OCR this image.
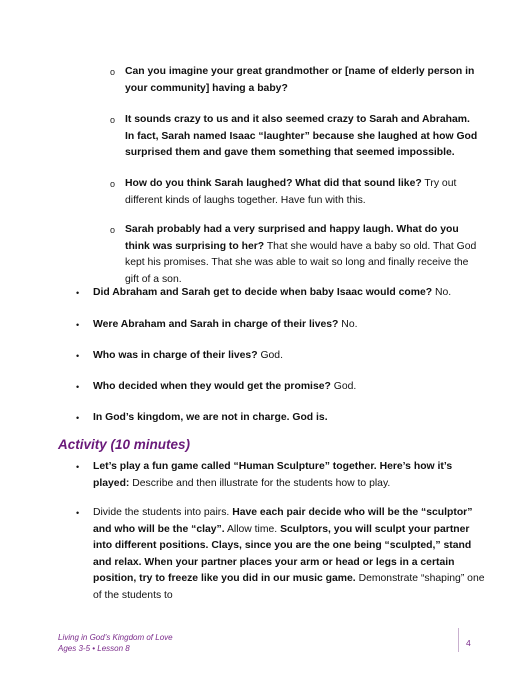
o Can you imagine your great grandmother or [name of elderly person in your community] having a baby?
o It sounds crazy to us and it also seemed crazy to Sarah and Abraham. In fact, Sarah named Isaac “laughter” because she laughed at how God surprised them and gave them something that seemed impossible.
o How do you think Sarah laughed? What did that sound like? Try out different kinds of laughs together. Have fun with this.
o Sarah probably had a very surprised and happy laugh. What do you think was surprising to her? That she would have a baby so old. That God kept his promises. That she was able to wait so long and finally receive the gift of a son.
• Did Abraham and Sarah get to decide when baby Isaac would come? No.
• Were Abraham and Sarah in charge of their lives? No.
• Who was in charge of their lives? God.
• Who decided when they would get the promise? God.
• In God’s kingdom, we are not in charge. God is.
Activity (10 minutes)
• Let’s play a fun game called “Human Sculpture” together. Here’s how it’s played: Describe and then illustrate for the students how to play.
• Divide the students into pairs. Have each pair decide who will be the “sculptor” and who will be the “clay”. Allow time. Sculptors, you will sculpt your partner into different positions. Clays, since you are the one being “sculpted,” stand and relax. When your partner places your arm or head or legs in a certain position, try to freeze like you did in our music game. Demonstrate “shaping” one of the students to
Living in God’s Kingdom of Love
Ages 3-5 • Lesson 8
4
